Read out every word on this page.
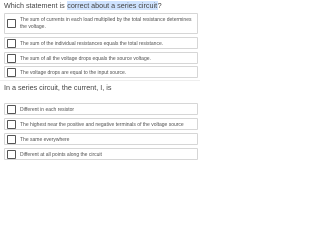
Which statement is correct about a series circuit?
The sum of currents in each load multiplied by the total resistance determines the voltage.
The sum of the individual resistances equals the total resistance.
The sum of all the voltage drops equals the source voltage.
The voltage drops are equal to the input source.
In a series circuit, the current, I, is
Different in each resistor
The highest near the positive and negative terminals of the voltage source
The same everywhere
Different at all points along the circuit
